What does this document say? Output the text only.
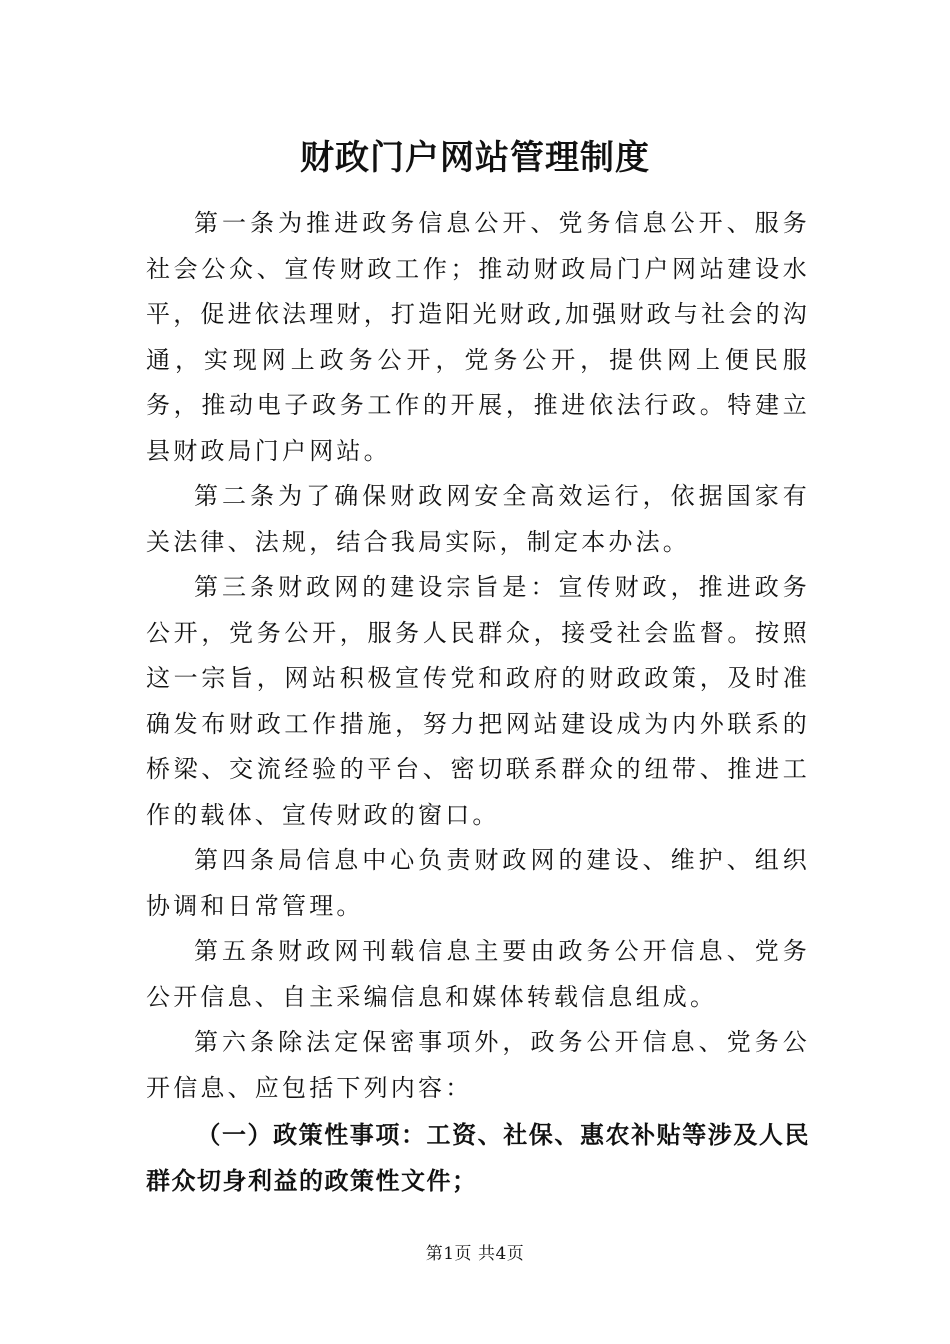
财政门户网站管理制度

第一条为推进政务信息公开、党务信息公开、服务社会公众、宣传财政工作；推动财政局门户网站建设水平，促进依法理财，打造阳光财政,加强财政与社会的沟通，实现网上政务公开，党务公开，提供网上便民服务，推动电子政务工作的开展，推进依法行政。特建立县财政局门户网站。

第二条为了确保财政网安全高效运行，依据国家有关法律、法规，结合我局实际，制定本办法。

第三条财政网的建设宗旨是：宣传财政，推进政务公开，党务公开，服务人民群众，接受社会监督。按照这一宗旨，网站积极宣传党和政府的财政政策，及时准确发布财政工作措施，努力把网站建设成为内外联系的桥梁、交流经验的平台、密切联系群众的纽带、推进工作的载体、宣传财政的窗口。

第四条局信息中心负责财政网的建设、维护、组织协调和日常管理。

第五条财政网刊载信息主要由政务公开信息、党务公开信息、自主采编信息和媒体转载信息组成。

第六条除法定保密事项外，政务公开信息、党务公开信息、应包括下列内容：

（一）政策性事项：工资、社保、惠农补贴等涉及人民群众切身利益的政策性文件；

第1页 共4页
